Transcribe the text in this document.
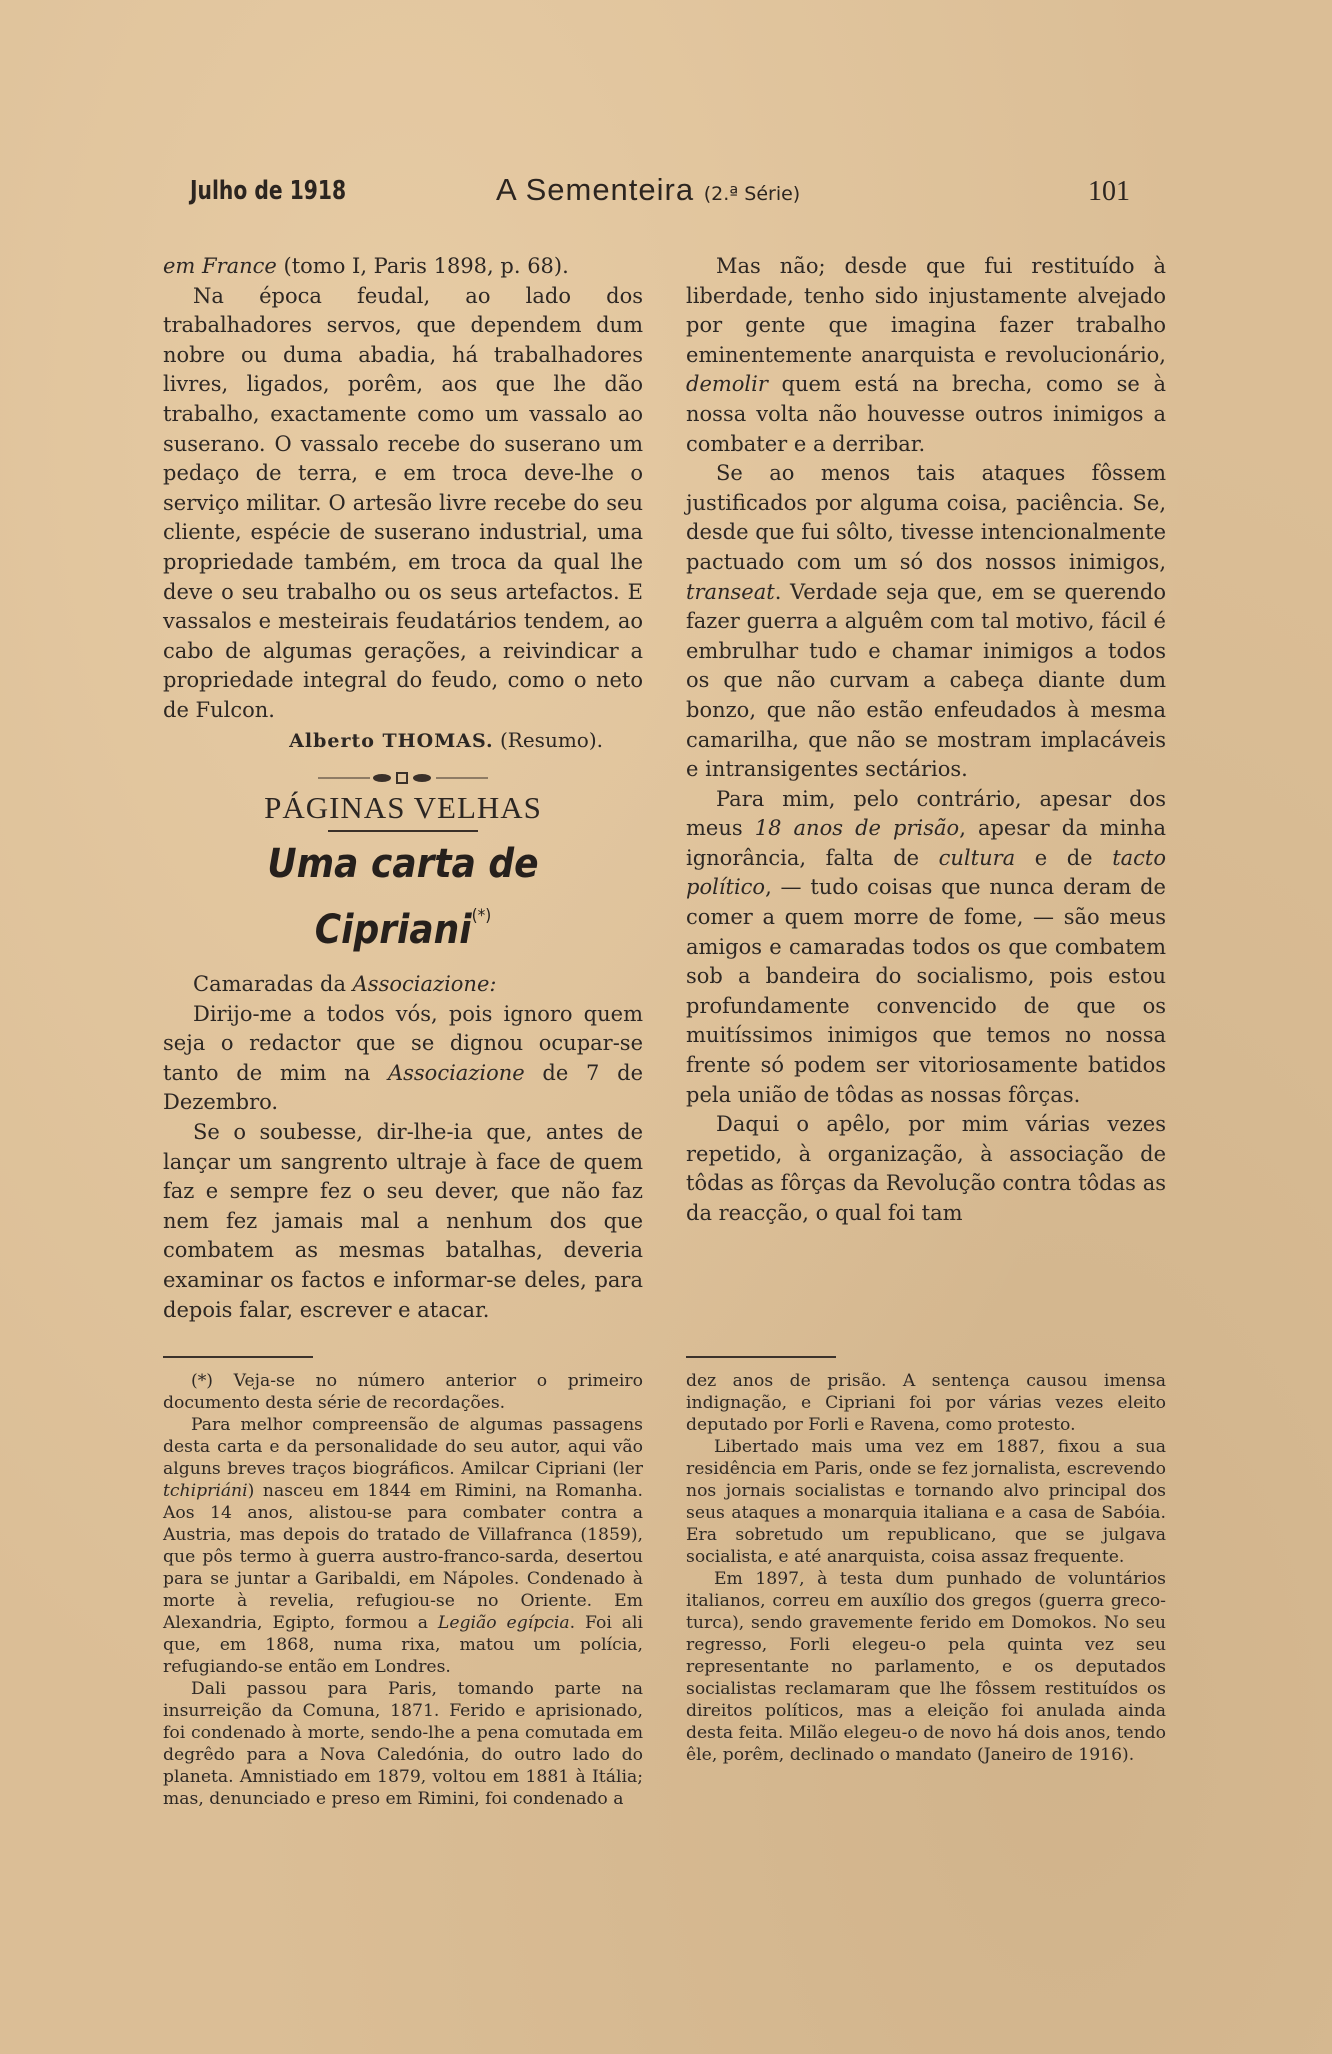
Julho de 1918	A Sementeira (2.ª Série)	101

em France (tomo I, Paris 1898, p. 68).

Na época feudal, ao lado dos trabalhadores servos, que dependem dum nobre ou duma abadia, há trabalhadores livres, ligados, porêm, aos que lhe dão trabalho, exactamente como um vassalo ao suserano. O vassalo recebe do suserano um pedaço de terra, e em troca deve-lhe o serviço militar. O artesão livre recebe do seu cliente, espécie de suserano industrial, uma propriedade também, em troca da qual lhe deve o seu trabalho ou os seus artefactos. E vassalos e mesteirais feudatários tendem, ao cabo de algumas gerações, a reivindicar a propriedade integral do feudo, como o neto de Fulcon.

Alberto THOMAS. (Resumo).
PÁGINAS VELHAS
Uma carta de Cipriani(*)

Camaradas da Associazione:

Dirijo-me a todos vós, pois ignoro quem seja o redactor que se dignou ocupar-se tanto de mim na Associazione de 7 de Dezembro.

Se o soubesse, dir-lhe-ia que, antes de lançar um sangrento ultraje à face de quem faz e sempre fez o seu dever, que não faz nem fez jamais mal a nenhum dos que combatem as mesmas batalhas, deveria examinar os factos e informar-se deles, para depois falar, escrever e atacar.

Mas não; desde que fui restituído à liberdade, tenho sido injustamente alvejado por gente que imagina fazer trabalho eminentemente anarquista e revolucionário, demolir quem está na brecha, como se à nossa volta não houvesse outros inimigos a combater e a derribar.

Se ao menos tais ataques fôssem justificados por alguma coisa, paciência. Se, desde que fui sôlto, tivesse intencionalmente pactuado com um só dos nossos inimigos, transeat. Verdade seja que, em se querendo fazer guerra a alguêm com tal motivo, fácil é embrulhar tudo e chamar inimigos a todos os que não curvam a cabeça diante dum bonzo, que não estão enfeudados à mesma camarilha, que não se mostram implacáveis e intransigentes sectários.

Para mim, pelo contrário, apesar dos meus 18 anos de prisão, apesar da minha ignorância, falta de cultura e de tacto político, — tudo coisas que nunca deram de comer a quem morre de fome, — são meus amigos e camaradas todos os que combatem sob a bandeira do socialismo, pois estou profundamente convencido de que os muitíssimos inimigos que temos no nossa frente só podem ser vitoriosamente batidos pela união de tôdas as nossas fôrças.

Daqui o apêlo, por mim várias vezes repetido, à organização, à associação de tôdas as fôrças da Revolução contra tôdas as da reacção, o qual foi tam

(*) Veja-se no número anterior o primeiro documento desta série de recordações.

Para melhor compreensão de algumas passagens desta carta e da personalidade do seu autor, aqui vão alguns breves traços biográficos. Amilcar Cipriani (ler tchipriáni) nasceu em 1844 em Rimini, na Romanha. Aos 14 anos, alistou-se para combater contra a Austria, mas depois do tratado de Villafranca (1859), que pôs termo à guerra austro-franco-sarda, desertou para se juntar a Garibaldi, em Nápoles. Condenado à morte à revelia, refugiou-se no Oriente. Em Alexandria, Egipto, formou a Legião egípcia. Foi ali que, em 1868, numa rixa, matou um polícia, refugiando-se então em Londres.

Dali passou para Paris, tomando parte na insurreição da Comuna, 1871. Ferido e aprisionado, foi condenado à morte, sendo-lhe a pena comutada em degrêdo para a Nova Caledónia, do outro lado do planeta. Amnistiado em 1879, voltou em 1881 à Itália; mas, denunciado e preso em Rimini, foi condenado a

dez anos de prisão. A sentença causou imensa indignação, e Cipriani foi por várias vezes eleito deputado por Forli e Ravena, como protesto.

Libertado mais uma vez em 1887, fixou a sua residência em Paris, onde se fez jornalista, escrevendo nos jornais socialistas e tornando alvo principal dos seus ataques a monarquia italiana e a casa de Sabóia. Era sobretudo um republicano, que se julgava socialista, e até anarquista, coisa assaz frequente.

Em 1897, à testa dum punhado de voluntários italianos, correu em auxílio dos gregos (guerra greco-turca), sendo gravemente ferido em Domokos. No seu regresso, Forli elegeu-o pela quinta vez seu representante no parlamento, e os deputados socialistas reclamaram que lhe fôssem restituídos os direitos políticos, mas a eleição foi anulada ainda desta feita. Milão elegeu-o de novo há dois anos, tendo êle, porêm, declinado o mandato (Janeiro de 1916).
